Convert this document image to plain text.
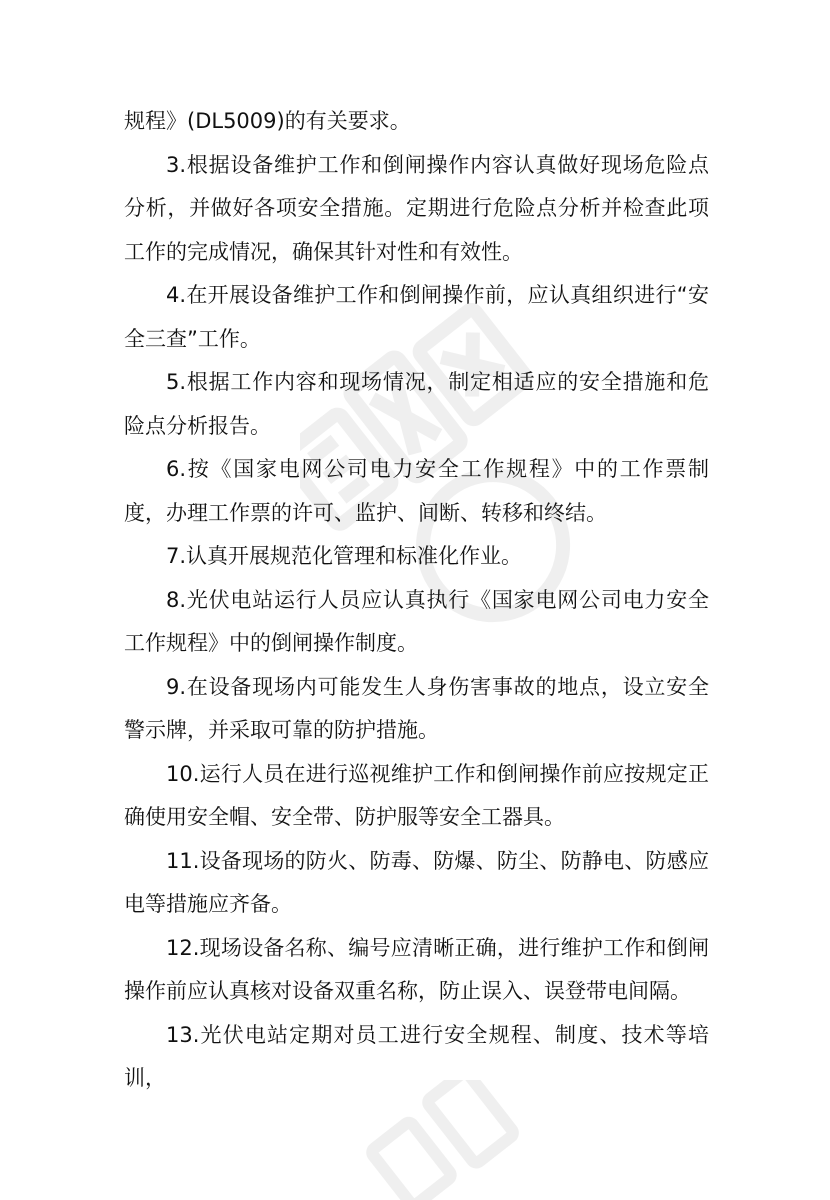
规程》(DL5009)的有关要求。

3.根据设备维护工作和倒闸操作内容认真做好现场危险点分析，并做好各项安全措施。定期进行危险点分析并检查此项工作的完成情况，确保其针对性和有效性。

4.在开展设备维护工作和倒闸操作前，应认真组织进行“安全三查”工作。

5.根据工作内容和现场情况，制定相适应的安全措施和危险点分析报告。

6.按《国家电网公司电力安全工作规程》中的工作票制度，办理工作票的许可、监护、间断、转移和终结。

7.认真开展规范化管理和标准化作业。

8.光伏电站运行人员应认真执行《国家电网公司电力安全工作规程》中的倒闸操作制度。

9.在设备现场内可能发生人身伤害事故的地点，设立安全警示牌，并采取可靠的防护措施。

10.运行人员在进行巡视维护工作和倒闸操作前应按规定正确使用安全帽、安全带、防护服等安全工器具。

11.设备现场的防火、防毒、防爆、防尘、防静电、防感应电等措施应齐备。

12.现场设备名称、编号应清晰正确，进行维护工作和倒闸操作前应认真核对设备双重名称，防止误入、误登带电间隔。

13.光伏电站定期对员工进行安全规程、制度、技术等培训，
